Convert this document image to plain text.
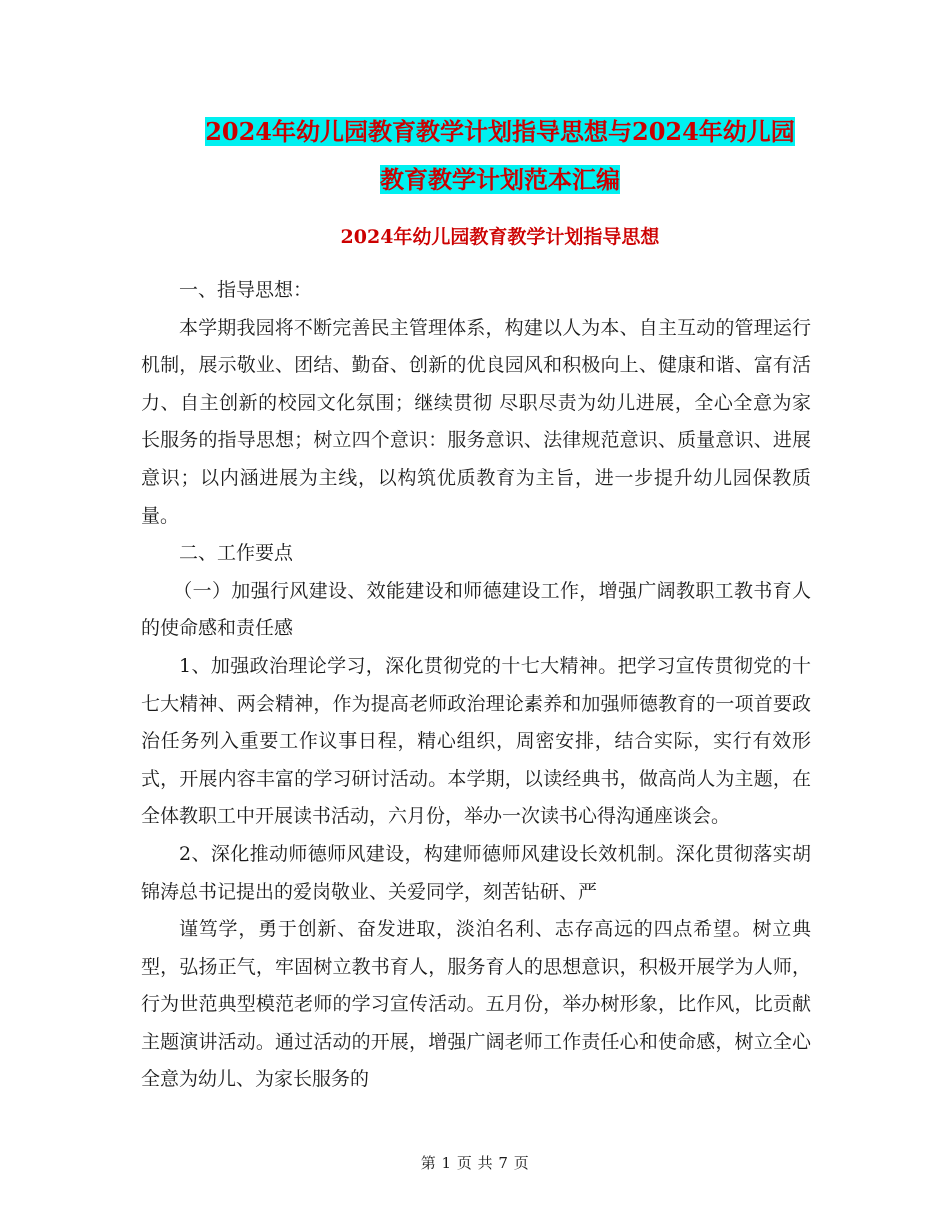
2024年幼儿园教育教学计划指导思想与2024年幼儿园
教育教学计划范本汇编
2024年幼儿园教育教学计划指导思想

一、指导思想：

本学期我园将不断完善民主管理体系，构建以人为本、自主互动的管理运行机制，展示敬业、团结、勤奋、创新的优良园风和积极向上、健康和谐、富有活力、自主创新的校园文化氛围；继续贯彻 尽职尽责为幼儿进展，全心全意为家长服务的指导思想；树立四个意识：服务意识、法律规范意识、质量意识、进展意识；以内涵进展为主线，以构筑优质教育为主旨，进一步提升幼儿园保教质量。

二、工作要点

（一）加强行风建设、效能建设和师德建设工作，增强广阔教职工教书育人的使命感和责任感

1、加强政治理论学习，深化贯彻党的十七大精神。把学习宣传贯彻党的十七大精神、两会精神，作为提高老师政治理论素养和加强师德教育的一项首要政治任务列入重要工作议事日程，精心组织，周密安排，结合实际，实行有效形式，开展内容丰富的学习研讨活动。本学期，以读经典书，做高尚人为主题，在全体教职工中开展读书活动，六月份，举办一次读书心得沟通座谈会。

2、深化推动师德师风建设，构建师德师风建设长效机制。深化贯彻落实胡锦涛总书记提出的爱岗敬业、关爱同学，刻苦钻研、严

谨笃学，勇于创新、奋发进取，淡泊名利、志存高远的四点希望。树立典型，弘扬正气，牢固树立教书育人，服务育人的思想意识，积极开展学为人师，行为世范典型模范老师的学习宣传活动。五月份，举办树形象，比作风，比贡献主题演讲活动。通过活动的开展，增强广阔老师工作责任心和使命感，树立全心全意为幼儿、为家长服务的

第 1 页 共 7 页
